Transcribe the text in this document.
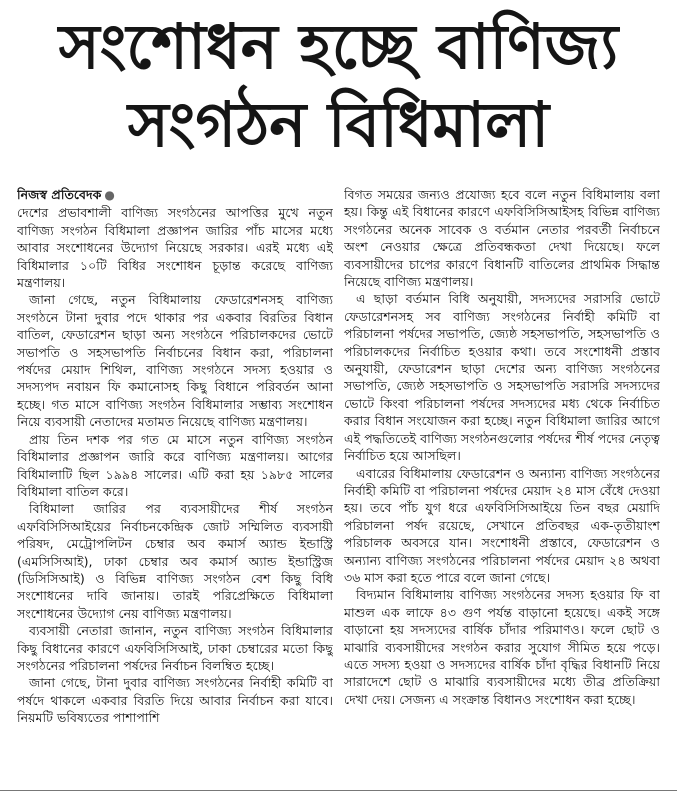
সংশোধন হচ্ছে বাণিজ্য
সংগঠন বিধিমালা
নিজস্ব প্রতিবেদক ●

দেশের প্রভাবশালী বাণিজ্য সংগঠনের আপত্তির মুখে নতুন বাণিজ্য সংগঠন বিধিমালা প্রজ্ঞাপন জারির পাঁচ মাসের মধ্যে আবার সংশোধনের উদ্যোগ নিয়েছে সরকার। এরই মধ্যে এই বিধিমালার ১০টি বিধির সংশোধন চূড়ান্ত করেছে বাণিজ্য মন্ত্রণালয়।

জানা গেছে, নতুন বিধিমালায় ফেডারেশনসহ বাণিজ্য সংগঠনে টানা দুবার পদে থাকার পর একবার বিরতির বিধান বাতিল, ফেডারেশন ছাড়া অন্য সংগঠনে পরিচালকদের ভোটে সভাপতি ও সহসভাপতি নির্বাচনের বিধান করা, পরিচালনা পর্ষদের মেয়াদ শিথিল, বাণিজ্য সংগঠনে সদস্য হওয়ার ও সদস্যপদ নবায়ন ফি কমানোসহ কিছু বিধানে পরিবর্তন আনা হচ্ছে। গত মাসে বাণিজ্য সংগঠন বিধিমালার সম্ভাব্য সংশোধন নিয়ে ব্যবসায়ী নেতাদের মতামত নিয়েছে বাণিজ্য মন্ত্রণালয়।

প্রায় তিন দশক পর গত মে মাসে নতুন বাণিজ্য সংগঠন বিধিমালার প্রজ্ঞাপন জারি করে বাণিজ্য মন্ত্রণালয়। আগের বিধিমালাটি ছিল ১৯৯৪ সালের। এটি করা হয় ১৯৮৫ সালের বিধিমালা বাতিল করে।

বিধিমালা জারির পর ব্যবসায়ীদের শীর্ষ সংগঠন এফবিসিসিআইয়ের নির্বাচনকেন্দ্রিক জোট সম্মিলিত ব্যবসায়ী পরিষদ, মেট্রোপলিটন চেম্বার অব কমার্স অ্যান্ড ইন্ডাস্ট্রি (এমসিসিআই), ঢাকা চেম্বার অব কমার্স অ্যান্ড ইন্ডাস্ট্রিজ (ডিসিসিআই) ও বিভিন্ন বাণিজ্য সংগঠন বেশ কিছু বিধি সংশোধনের দাবি জানায়। তারই পরিপ্রেক্ষিতে বিধিমালা সংশোধনের উদ্যোগ নেয় বাণিজ্য মন্ত্রণালয়।

ব্যবসায়ী নেতারা জানান, নতুন বাণিজ্য সংগঠন বিধিমালার কিছু বিধানের কারণে এফবিসিসিআই, ঢাকা চেম্বারের মতো কিছু সংগঠনের পরিচালনা পর্ষদের নির্বাচন বিলম্বিত হচ্ছে।

জানা গেছে, টানা দুবার বাণিজ্য সংগঠনের নির্বাহী কমিটি বা পর্ষদে থাকলে একবার বিরতি দিয়ে আবার নির্বাচন করা যাবে। নিয়মটি ভবিষ্যতের পাশাপাশি

বিগত সময়ের জন্যও প্রযোজ্য হবে বলে নতুন বিধিমালায় বলা হয়। কিন্তু এই বিধানের কারণে এফবিসিসিআইসহ বিভিন্ন বাণিজ্য সংগঠনের অনেক সাবেক ও বর্তমান নেতার পরবর্তী নির্বাচনে অংশ নেওয়ার ক্ষেত্রে প্রতিবন্ধকতা দেখা দিয়েছে। ফলে ব্যবসায়ীদের চাপের কারণে বিধানটি বাতিলের প্রাথমিক সিদ্ধান্ত নিয়েছে বাণিজ্য মন্ত্রণালয়।

এ ছাড়া বর্তমান বিধি অনুযায়ী, সদস্যদের সরাসরি ভোটে ফেডারেশনসহ সব বাণিজ্য সংগঠনের নির্বাহী কমিটি বা পরিচালনা পর্ষদের সভাপতি, জ্যেষ্ঠ সহসভাপতি, সহসভাপতি ও পরিচালকদের নির্বাচিত হওয়ার কথা। তবে সংশোধনী প্রস্তাব অনুযায়ী, ফেডারেশন ছাড়া দেশের অন্য বাণিজ্য সংগঠনের সভাপতি, জ্যেষ্ঠ সহসভাপতি ও সহসভাপতি সরাসরি সদস্যদের ভোটে কিংবা পরিচালনা পর্ষদের সদস্যদের মধ্য থেকে নির্বাচিত করার বিধান সংযোজন করা হচ্ছে। নতুন বিধিমালা জারির আগে এই পদ্ধতিতেই বাণিজ্য সংগঠনগুলোর পর্ষদের শীর্ষ পদের নেতৃত্ব নির্বাচিত হয়ে আসছিল।

এবারের বিধিমালায় ফেডারেশন ও অন্যান্য বাণিজ্য সংগঠনের নির্বাহী কমিটি বা পরিচালনা পর্ষদের মেয়াদ ২৪ মাস বেঁধে দেওয়া হয়। তবে পাঁচ যুগ ধরে এফবিসিসিআইয়ে তিন বছর মেয়াদি পরিচালনা পর্ষদ রয়েছে, সেখানে প্রতিবছর এক-তৃতীয়াংশ পরিচালক অবসরে যান। সংশোধনী প্রস্তাবে, ফেডারেশন ও অন্যান্য বাণিজ্য সংগঠনের পরিচালনা পর্ষদের মেয়াদ ২৪ অথবা ৩৬ মাস করা হতে পারে বলে জানা গেছে।

বিদ্যমান বিধিমালায় বাণিজ্য সংগঠনের সদস্য হওয়ার ফি বা মাশুল এক লাফে ৪৩ গুণ পর্যন্ত বাড়ানো হয়েছে। একই সঙ্গে বাড়ানো হয় সদস্যদের বার্ষিক চাঁদার পরিমাণও। ফলে ছোট ও মাঝারি ব্যবসায়ীদের সংগঠন করার সুযোগ সীমিত হয়ে পড়ে। এতে সদস্য হওয়া ও সদস্যদের বার্ষিক চাঁদা বৃদ্ধির বিধানটি নিয়ে সারাদেশে ছোট ও মাঝারি ব্যবসায়ীদের মধ্যে তীব্র প্রতিক্রিয়া দেখা দেয়। সেজন্য এ সংক্রান্ত বিধানও সংশোধন করা হচ্ছে।
